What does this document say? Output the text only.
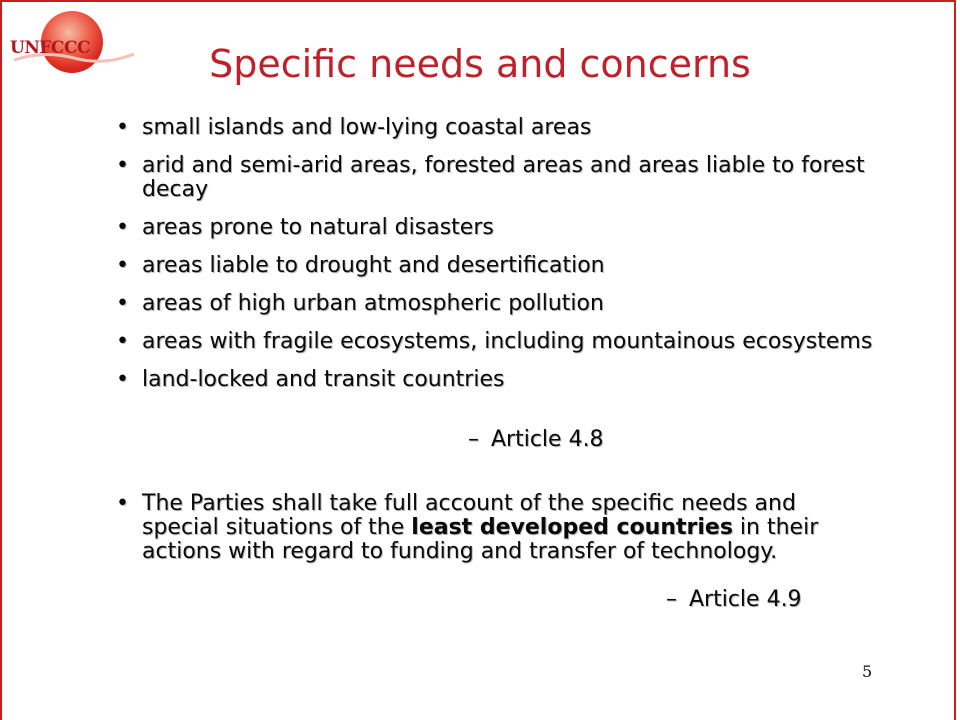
UNFCCC	Specific needs and concerns
• small islands and low-lying coastal areas
• arid and semi-arid areas, forested areas and areas liable to forest decay
• areas prone to natural disasters
• areas liable to drought and desertification
• areas of high urban atmospheric pollution
• areas with fragile ecosystems, including mountainous ecosystems
• land-locked and transit countries
– Article 4.8
• The Parties shall take full account of the specific needs and special situations of the least developed countries in their actions with regard to funding and transfer of technology.
– Article 4.9
5
